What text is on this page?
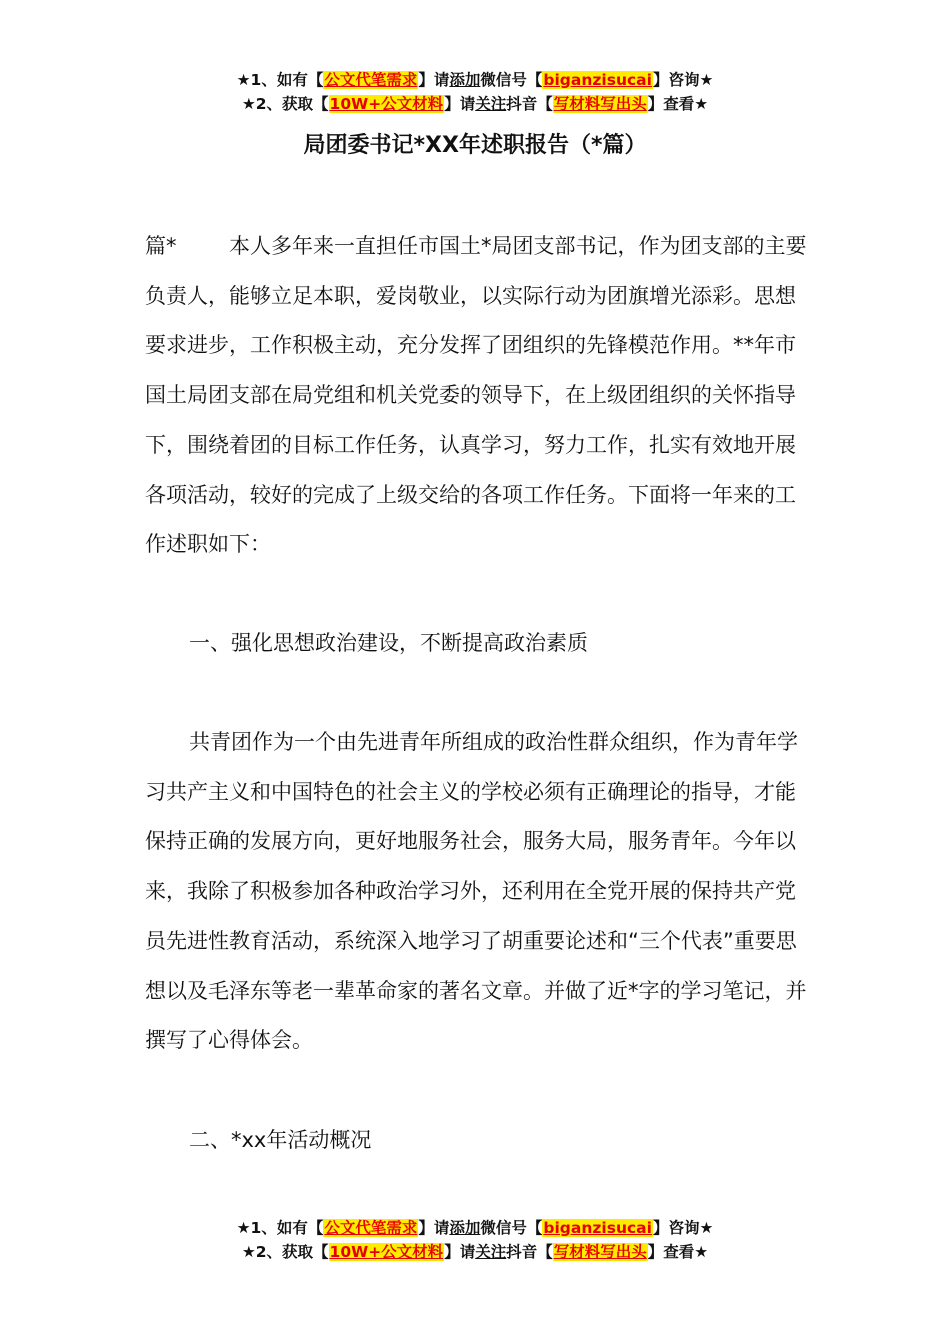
★1、如有【公文代笔需求】请添加微信号【biganzisucai】咨询★
★2、获取【10W+公文材料】请关注抖音【写材料写出头】查看★
局团委书记*XX年述职报告（*篇）

篇*	本人多年来一直担任市国土*局团支部书记，作为团支部的主要负责人，能够立足本职，爱岗敬业，以实际行动为团旗增光添彩。思想要求进步，工作积极主动，充分发挥了团组织的先锋模范作用。**年市国土局团支部在局党组和机关党委的领导下，在上级团组织的关怀指导下，围绕着团的目标工作任务，认真学习，努力工作，扎实有效地开展各项活动，较好的完成了上级交给的各项工作任务。下面将一年来的工作述职如下：

一、强化思想政治建设，不断提高政治素质

共青团作为一个由先进青年所组成的政治性群众组织，作为青年学习共产主义和中国特色的社会主义的学校必须有正确理论的指导，才能保持正确的发展方向，更好地服务社会，服务大局，服务青年。今年以来，我除了积极参加各种政治学习外，还利用在全党开展的保持共产党员先进性教育活动，系统深入地学习了胡重要论述和“三个代表”重要思想以及毛泽东等老一辈革命家的著名文章。并做了近*字的学习笔记，并撰写了心得体会。

二、*xx年活动概况

★1、如有【公文代笔需求】请添加微信号【biganzisucai】咨询★
★2、获取【10W+公文材料】请关注抖音【写材料写出头】查看★
